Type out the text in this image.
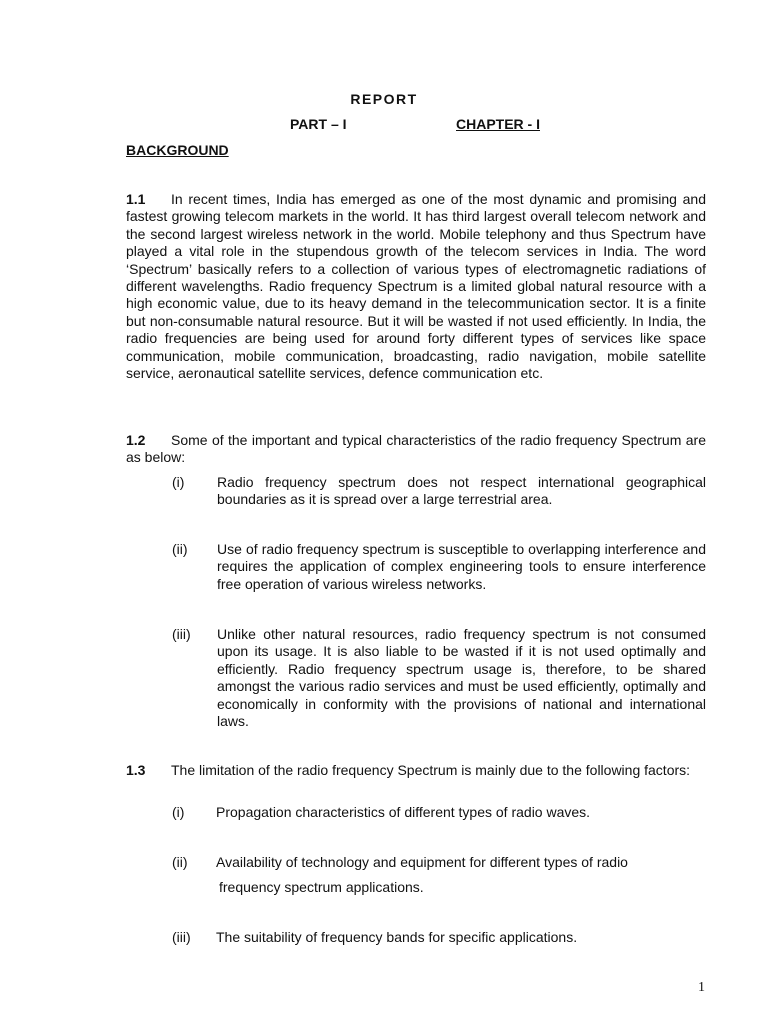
REPORT
PART – I	CHAPTER - I
BACKGROUND
1.1 In recent times, India has emerged as one of the most dynamic and promising and fastest growing telecom markets in the world. It has third largest overall telecom network and the second largest wireless network in the world. Mobile telephony and thus Spectrum have played a vital role in the stupendous growth of the telecom services in India. The word ‘Spectrum’ basically refers to a collection of various types of electromagnetic radiations of different wavelengths. Radio frequency Spectrum is a limited global natural resource with a high economic value, due to its heavy demand in the telecommunication sector. It is a finite but non-consumable natural resource. But it will be wasted if not used efficiently. In India, the radio frequencies are being used for around forty different types of services like space communication, mobile communication, broadcasting, radio navigation, mobile satellite service, aeronautical satellite services, defence communication etc.
1.2 Some of the important and typical characteristics of the radio frequency Spectrum are as below:
(i) Radio frequency spectrum does not respect international geographical boundaries as it is spread over a large terrestrial area.
(ii) Use of radio frequency spectrum is susceptible to overlapping interference and requires the application of complex engineering tools to ensure interference free operation of various wireless networks.
(iii) Unlike other natural resources, radio frequency spectrum is not consumed upon its usage. It is also liable to be wasted if it is not used optimally and efficiently. Radio frequency spectrum usage is, therefore, to be shared amongst the various radio services and must be used efficiently, optimally and economically in conformity with the provisions of national and international laws.
1.3 The limitation of the radio frequency Spectrum is mainly due to the following factors:
(i) Propagation characteristics of different types of radio waves.
(ii) Availability of technology and equipment for different types of radio
frequency spectrum applications.
(iii) The suitability of frequency bands for specific applications.
1
